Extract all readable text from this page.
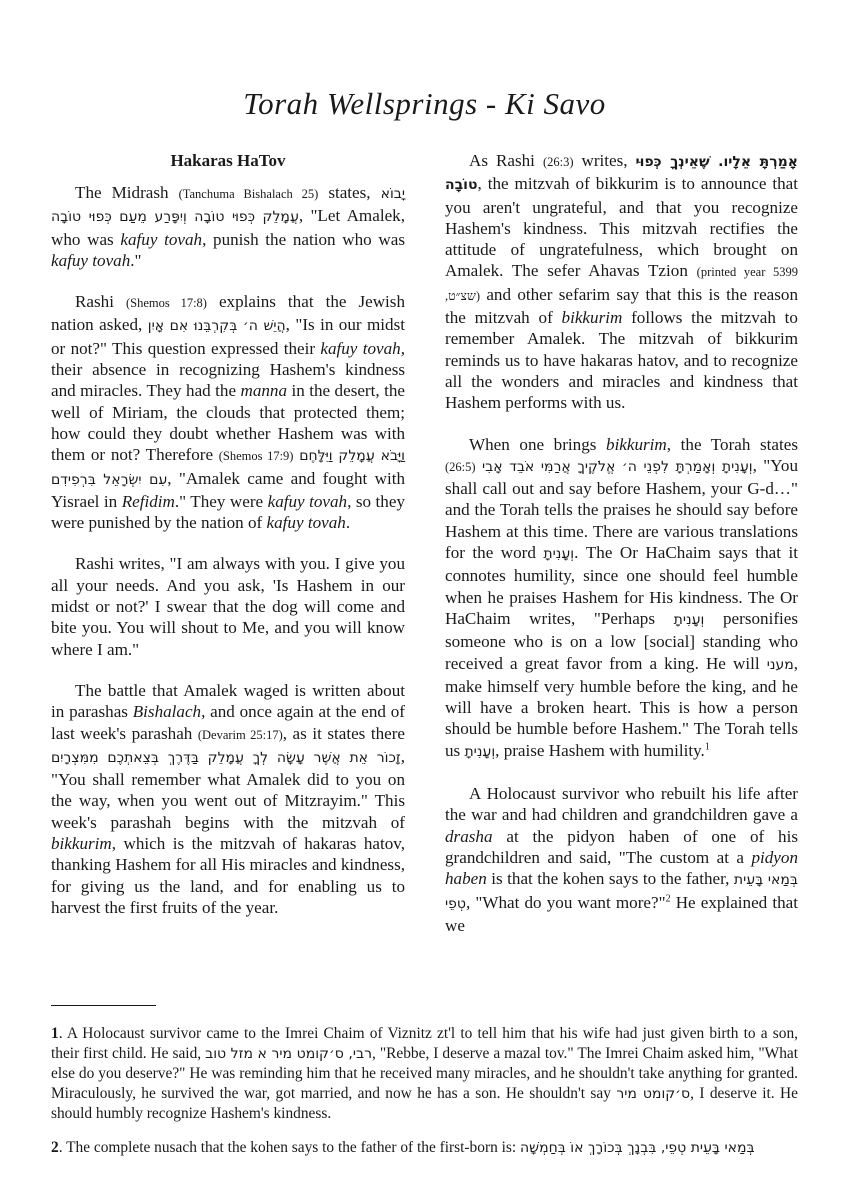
Torah Wellsprings - Ki Savo
Hakaras HaTov

The Midrash (Tanchuma Bishalach 25) states, יָבוֹא עֲמָלֵק כְּפוּי טוֹבָה וְיִפָּרַע מֵעַם כְּפוּי טוֹבָה, "Let Amalek, who was kafuy tovah, punish the nation who was kafuy tovah."

Rashi (Shemos 17:8) explains that the Jewish nation asked, הֲיֵשׁ ה׳ בְּקִרְבֵּנוּ אִם אָיִן, "Is in our midst or not?" This question expressed their kafuy tovah, their absence in recognizing Hashem's kindness and miracles. They had the manna in the desert, the well of Miriam, the clouds that protected them; how could they doubt whether Hashem was with them or not? Therefore (Shemos 17:9) וַיָּבֹא עֲמָלֵק וַיִּלָּחֶם עִם יִשְׂרָאֵל בִּרְפִידִם, "Amalek came and fought with Yisrael in Refidim." They were kafuy tovah, so they were punished by the nation of kafuy tovah.

Rashi writes, "I am always with you. I give you all your needs. And you ask, 'Is Hashem in our midst or not?' I swear that the dog will come and bite you. You will shout to Me, and you will know where I am."

The battle that Amalek waged is written about in parashas Bishalach, and once again at the end of last week's parashah (Devarim 25:17), as it states there זָכוֹר אֵת אֲשֶׁר עָשָׂה לְךָ עֲמָלֵק בַּדֶּרֶךְ בְּצֵאתְכֶם מִמִּצְרָיִם, "You shall remember what Amalek did to you on the way, when you went out of Mitzrayim." This week's parashah begins with the mitzvah of bikkurim, which is the mitzvah of hakaras hatov, thanking Hashem for all His miracles and kindness, for giving us the land, and for enabling us to harvest the first fruits of the year.

As Rashi (26:3) writes, אָמַרְתָּ אֵלָיו. שֶׁאֵינְךָ כְּפוּי טוֹבָה, the mitzvah of bikkurim is to announce that you aren't ungrateful, and that you recognize Hashem's kindness. This mitzvah rectifies the attitude of ungratefulness, which brought on Amalek. The sefer Ahavas Tzion (printed year 5399 ,שצ״ט) and other sefarim say that this is the reason the mitzvah of bikkurim follows the mitzvah to remember Amalek. The mitzvah of bikkurim reminds us to have hakaras hatov, and to recognize all the wonders and miracles and kindness that Hashem performs with us.

When one brings bikkurim, the Torah states (26:5) וְעָנִיתָ וְאָמַרְתָּ לִפְנֵי ה׳ אֱלֹקֶיךָ אֲרַמִּי אֹבֵד אָבִי, "You shall call out and say before Hashem, your G-d…" and the Torah tells the praises he should say before Hashem at this time. There are various translations for the word וְעָנִיתָ. The Or HaChaim says that it connotes humility, since one should feel humble when he praises Hashem for His kindness. The Or HaChaim writes, "Perhaps וְעָנִיתָ personifies someone who is on a low [social] standing who received a great favor from a king. He will מעני, make himself very humble before the king, and he will have a broken heart. This is how a person should be humble before Hashem." The Torah tells us וְעָנִיתָ, praise Hashem with humility.$^1$

A Holocaust survivor who rebuilt his life after the war and had children and grandchildren gave a drasha at the pidyon haben of one of his grandchildren and said, "The custom at a pidyon haben is that the kohen says to the father, בְּמַאי בָּעֵית טְפֵי, "What do you want more?"$^2$ He explained that we

1. A Holocaust survivor came to the Imrei Chaim of Viznitz zt'l to tell him that his wife had just given birth to a son, their first child. He said, רבי, ס׳קומט מיר א מזל טוב, "Rebbe, I deserve a mazal tov." The Imrei Chaim asked him, "What else do you deserve?" He was reminding him that he received many miracles, and he shouldn't take anything for granted. Miraculously, he survived the war, got married, and now he has a son. He shouldn't say ס׳קומט מיר, I deserve it. He should humbly recognize Hashem's kindness.

2. The complete nusach that the kohen says to the father of the first-born is: בְּמַאי בָּעֵית טְפֵי, בִּבְנָךְ בְּכוֹרָךְ אוֹ בְּחַמְשָׁה
